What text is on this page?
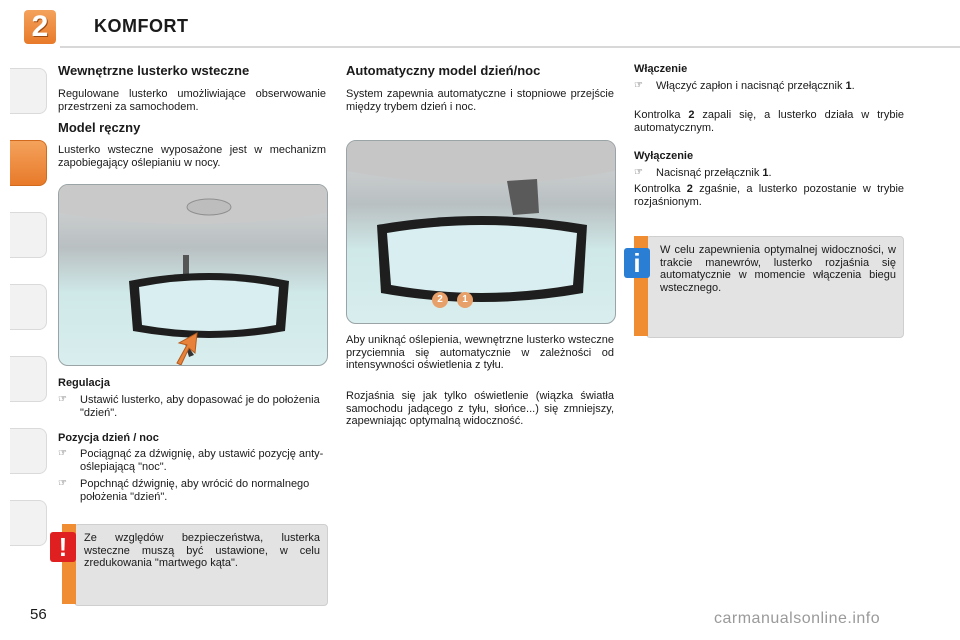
2	KOMFORT
Wewnętrzne lusterko wsteczne
Regulowane lusterko umożliwiające obserwowanie przestrzeni za samochodem.
Model ręczny
Lusterko wsteczne wyposażone jest w mechanizm zapobiegający oślepianiu w nocy.
Regulacja
☞ Ustawić lusterko, aby dopasować je do położenia "dzień".
Pozycja dzień / noc
☞ Pociągnąć za dźwignię, aby ustawić pozycję anty-oślepiającą "noc".
☞ Popchnąć dźwignię, aby wrócić do normalnego położenia "dzień".
!	Ze względów bezpieczeństwa, lusterka wsteczne muszą być ustawione, w celu zredukowania "martwego kąta".
Automatyczny model dzień/noc
System zapewnia automatyczne i stopniowe przejście między trybem dzień i noc.
2	1
Aby uniknąć oślepienia, wewnętrzne lusterko wsteczne przyciemnia się automatycznie w zależności od intensywności oświetlenia z tyłu.
Rozjaśnia się jak tylko oświetlenie (wiązka światła samochodu jadącego z tyłu, słońce...) się zmniejszy, zapewniając optymalną widoczność.
Włączenie
☞ Włączyć zapłon i nacisnąć przełącznik 1.
Kontrolka 2 zapali się, a lusterko działa w trybie automatycznym.
Wyłączenie
☞ Nacisnąć przełącznik 1.
Kontrolka 2 zgaśnie, a lusterko pozostanie w trybie rozjaśnionym.
i	W celu zapewnienia optymalnej widoczności, w trakcie manewrów, lusterko rozjaśnia się automatycznie w momencie włączenia biegu wstecznego.
56	carmanualsonline.info
